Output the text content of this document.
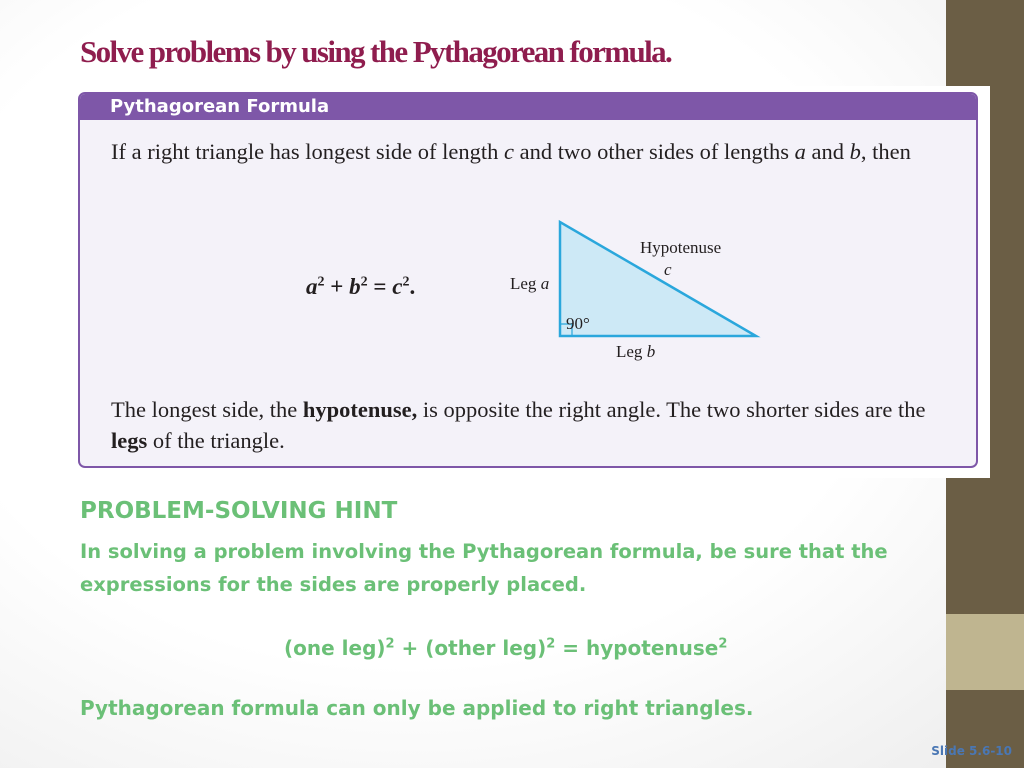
Solve problems by using the Pythagorean formula.
Pythagorean Formula

If a right triangle has longest side of length c and two other sides of lengths a and b, then

$a^2 + b^2 = c^2$.
Hypotenuse
c
Leg a
90°
Leg b

The longest side, the hypotenuse, is opposite the right angle. The two shorter sides are the legs of the triangle.

PROBLEM-SOLVING HINT

In solving a problem involving the Pythagorean formula, be sure that the expressions for the sides are properly placed.

(one leg)$^2$ + (other leg)$^2$ = hypotenuse$^2$

Pythagorean formula can only be applied to right triangles.

Slide 5.6-10
